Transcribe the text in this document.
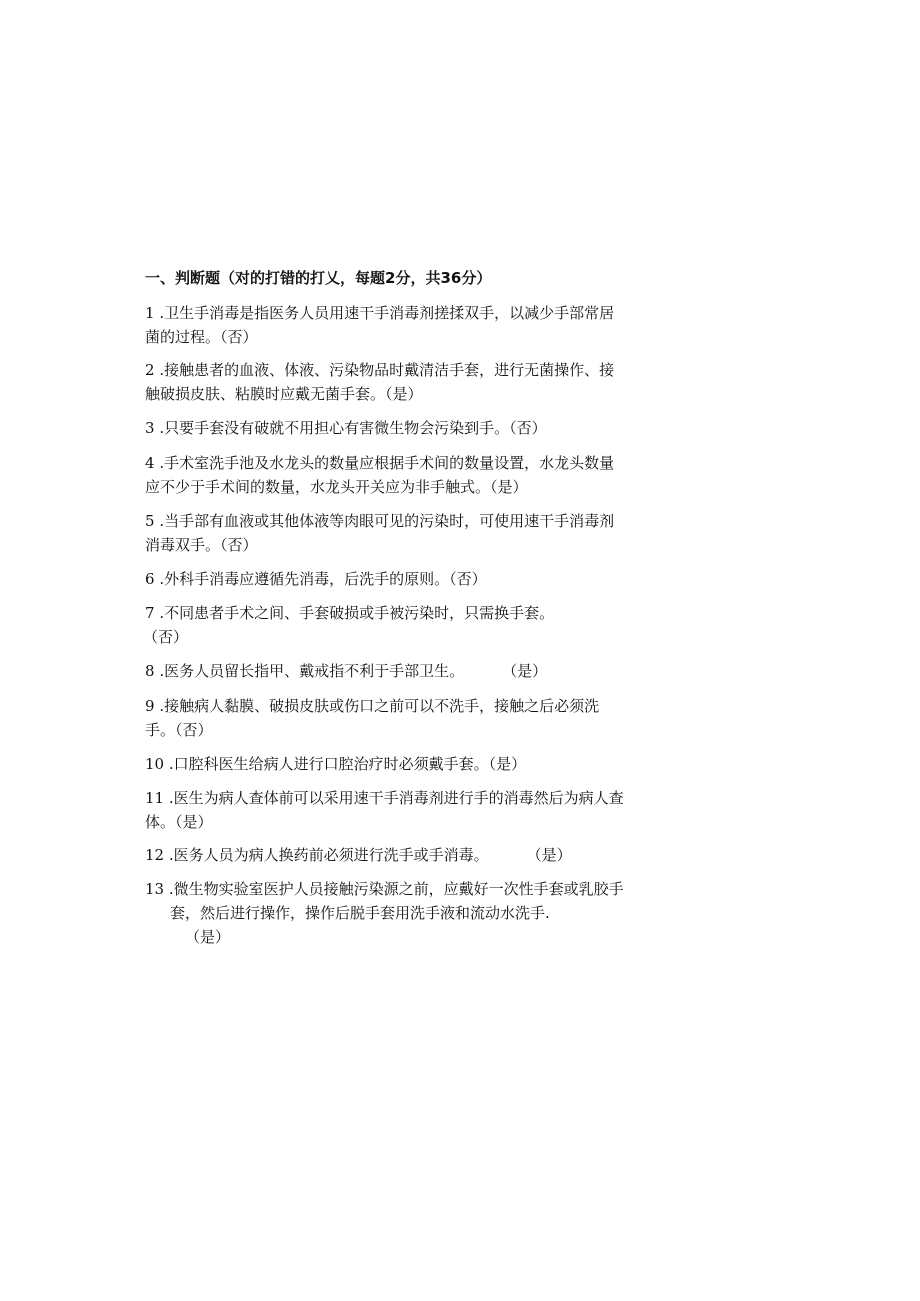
一、判断题（对的打错的打乂，每题2分，共36分）
1 .卫生手消毒是指医务人员用速干手消毒剂搓揉双手，以减少手部常居
菌的过程。（否）
2 .接触患者的血液、体液、污染物品时戴清洁手套，进行无菌操作、接
触破损皮肤、粘膜时应戴无菌手套。（是）
3 .只要手套没有破就不用担心有害微生物会污染到手。（否）
4 .手术室洗手池及水龙头的数量应根据手术间的数量设置，水龙头数量
应不少于手术间的数量，水龙头开关应为非手触式。（是）
5 .当手部有血液或其他体液等肉眼可见的污染时，可使用速干手消毒剂
消毒双手。（否）
6 .外科手消毒应遵循先消毒，后洗手的原则。（否）
7 .不同患者手术之间、手套破损或手被污染时，只需换手套。
（否）
8 .医务人员留长指甲、戴戒指不利于手部卫生。	（是）
9 .接触病人黏膜、破损皮肤或伤口之前可以不洗手，接触之后必须洗
手。（否）
10 .口腔科医生给病人进行口腔治疗时必须戴手套。（是）
11 .医生为病人查体前可以采用速干手消毒剂进行手的消毒然后为病人查
体。（是）
12 .医务人员为病人换药前必须进行洗手或手消毒。	（是）
13 .微生物实验室医护人员接触污染源之前，应戴好一次性手套或乳胶手
套，然后进行操作，操作后脱手套用洗手液和流动水洗手.
（是）
